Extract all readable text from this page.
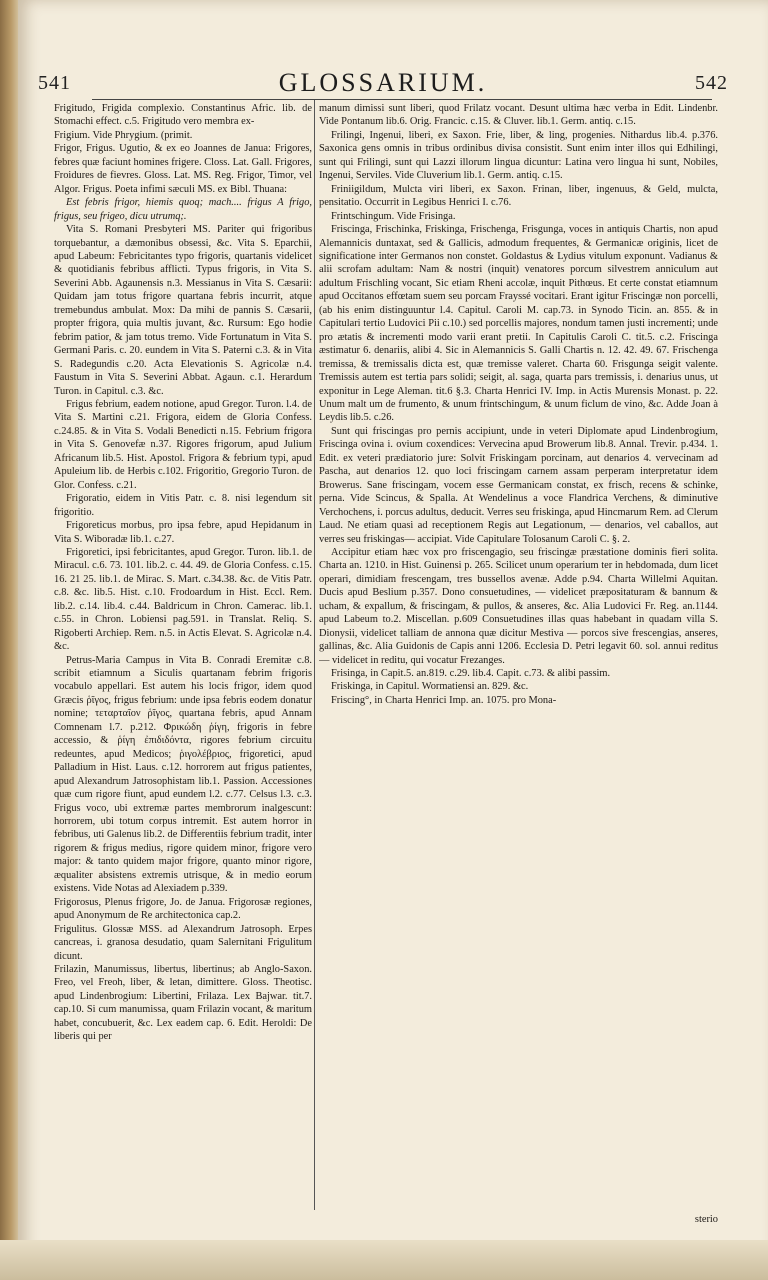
541	GLOSSARIUM.	542

Frigitudo, Frigida complexio. Constantinus Afric. lib. de Stomachi effect. c.5. Frigitudo vero membra ex-

Frigium. Vide Phrygium. (primit.

Frigor, Frigus. Ugutio, & ex eo Joannes de Janua: Frigores, febres quæ faciunt homines frigere. Closs. Lat. Gall. Frigores, Froidures de fievres. Gloss. Lat. MS. Reg. Frigor, Timor, vel Algor. Frigus. Poeta infimi sæculi MS. ex Bibl. Thuana:

Est febris frigor, hiemis quoq; mach.... frigus A frigo, frigus, seu frigeo, dicu utrumq;.

Vita S. Romani Presbyteri MS. Pariter qui frigoribus torquebantur, a dæmonibus obsessi, &c. Vita S. Eparchii, apud Labeum: Febricitantes typo frigoris, quartanis videlicet & quotidianis febribus afflicti. Typus frigoris, in Vita S. Severini Abb. Agaunensis n.3. Messianus in Vita S. Cæsarii: Quidam jam totus frigore quartana febris incurrit, atque tremebundus ambulat. Mox: Da mihi de pannis S. Cæsarii, propter frigora, quia multis juvant, &c. Rursum: Ego hodie febrim patior, & jam totus tremo. Vide Fortunatum in Vita S. Germani Paris. c. 20. eundem in Vita S. Paterni c.3. & in Vita S. Radegundis c.20. Acta Elevationis S. Agricolæ n.4. Faustum in Vita S. Severini Abbat. Agaun. c.1. Herardum Turon. in Capitul. c.3. &c.

Frigus febrium, eadem notione, apud Gregor. Turon. l.4. de Vita S. Martini c.21. Frigora, eidem de Gloria Confess. c.24.85. & in Vita S. Vodali Benedicti n.15. Febrium frigora in Vita S. Genovefæ n.37. Rigores frigorum, apud Julium Africanum lib.5. Hist. Apostol. Frigora & febrium typi, apud Apuleium lib. de Herbis c.102. Frigoritio, Gregorio Turon. de Glor. Confess. c.21.

Frigoratio, eidem in Vitis Patr. c. 8. nisi legendum sit frigoritio.

Frigoreticus morbus, pro ipsa febre, apud Hepidanum in Vita S. Wiboradæ lib.1. c.27.

Frigoretici, ipsi febricitantes, apud Gregor. Turon. lib.1. de Miracul. c.6. 73. 101. lib.2. c. 44. 49. de Gloria Confess. c.15. 16. 21 25. lib.1. de Mirac. S. Mart. c.34.38. &c. de Vitis Patr. c.8. &c. lib.5. Hist. c.10. Frodoardum in Hist. Eccl. Rem. lib.2. c.14. lib.4. c.44. Baldricum in Chron. Camerac. lib.1. c.55. in Chron. Lobiensi pag.591. in Translat. Reliq. S. Rigoberti Archiep. Rem. n.5. in Actis Elevat. S. Agricolæ n.4. &c.

Petrus-Maria Campus in Vita B. Conradi Eremitæ c.8. scribit etiamnum a Siculis quartanam febrim frigoris vocabulo appellari. Est autem his locis frigor, idem quod Græcis ῥῖγος, frigus febrium: unde ipsa febris eodem donatur nomine; τεταρταῖον ῥῖγος, quartana febris, apud Annam Comnenam l.7. p.212. Φρικώδη ῥίγη, frigoris in febre accessio, & ῥίγη ἐπιδιδόντα, rigores febrium circuitu redeuntes, apud Medicos; ῥιγολέβριος, frigoretici, apud Palladium in Hist. Laus. c.12. horrorem aut frigus patientes, apud Alexandrum Jatrosophistam lib.1. Passion. Accessiones quæ cum rigore fiunt, apud eundem l.2. c.77. Celsus l.3. c.3. Frigus voco, ubi extremæ partes membrorum inalgescunt: horrorem, ubi totum corpus intremit. Est autem horror in febribus, uti Galenus lib.2. de Differentiis febrium tradit, inter rigorem & frigus medius, rigore quidem minor, frigore vero major: & tanto quidem major frigore, quanto minor rigore, æqualiter absistens extremis utrisque, & in medio eorum existens. Vide Notas ad Alexiadem p.339.

Frigorosus, Plenus frigore, Jo. de Janua. Frigorosæ regiones, apud Anonymum de Re architectonica cap.2.

Frigulitus. Glossæ MSS. ad Alexandrum Jatrosoph. Erpes cancreas, i. granosa desudatio, quam Salernitani Frigulitum dicunt.

Frilazin, Manumissus, libertus, libertinus; ab Anglo-Saxon. Freo, vel Freoh, liber, & letan, dimittere. Gloss. Theotisc. apud Lindenbrogium: Libertini, Frilaza. Lex Bajwar. tit.7. cap.10. Si cum manumissa, quam Frilazin vocant, & maritum habet, concubuerit, &c. Lex eadem cap. 6. Edit. Heroldi: De liberis qui per

manum dimissi sunt liberi, quod Frilatz vocant. Desunt ultima hæc verba in Edit. Lindenbr. Vide Pontanum lib.6. Orig. Francic. c.15. & Cluver. lib.1. Germ. antiq. c.15.

Frilingi, Ingenui, liberi, ex Saxon. Frie, liber, & ling, progenies. Nithardus lib.4. p.376. Saxonica gens omnis in tribus ordinibus divisa consistit. Sunt enim inter illos qui Edhilingi, sunt qui Frilingi, sunt qui Lazzi illorum lingua dicuntur: Latina vero lingua hi sunt, Nobiles, Ingenui, Serviles. Vide Cluverium lib.1. Germ. antiq. c.15.

Friniigildum, Mulcta viri liberi, ex Saxon. Frinan, liber, ingenuus, & Geld, mulcta, pensitatio. Occurrit in Legibus Henrici I. c.76.

Frintschingum. Vide Frisinga.

Friscinga, Frischinka, Friskinga, Frischenga, Frisgunga, voces in antiquis Chartis, non apud Alemannicis duntaxat, sed & Gallicis, admodum frequentes, & Germanicæ originis, licet de significatione inter Germanos non constet. Goldastus & Lydius vitulum exponunt. Vadianus & alii scrofam adultam: Nam & nostri (inquit) venatores porcum silvestrem anniculum aut adultum Frischling vocant, Sic etiam Rheni accolæ, inquit Pithœus. Et certe constat etiamnum apud Occitanos effœtam suem seu porcam Frayssé vocitari. Erant igitur Friscingæ non porcelli, (ab his enim distinguuntur l.4. Capitul. Caroli M. cap.73. in Synodo Ticin. an. 855. & in Capitulari tertio Ludovici Pii c.10.) sed porcellis majores, nondum tamen justi incrementi; unde pro ætatis & incrementi modo varii erant pretii. In Capitulis Caroli C. tit.5. c.2. Friscinga æstimatur 6. denariis, alibi 4. Sic in Alemannicis S. Galli Chartis n. 12. 42. 49. 67. Frischenga tremissa, & tremissalis dicta est, quæ tremisse valeret. Charta 60. Frisgunga seigit valente. Tremissis autem est tertia pars solidi; seigit, al. saga, quarta pars tremissis, i. denarius unus, ut exponitur in Lege Aleman. tit.6 §.3. Charta Henrici IV. Imp. in Actis Murensis Monast. p. 22. Unum malt um de frumento, & unum frintschingum, & unum ficlum de vino, &c. Adde Joan à Leydis lib.5. c.26.

Sunt qui friscingas pro pernis accipiunt, unde in veteri Diplomate apud Lindenbrogium, Friscinga ovina i. ovium coxendices: Vervecina apud Browerum lib.8. Annal. Trevir. p.434. 1. Edit. ex veteri prædiatorio jure: Solvit Friskingam porcinam, aut denarios 4. vervecinam ad Pascha, aut denarios 12. quo loci friscingam carnem assam perperam interpretatur idem Browerus. Sane friscingam, vocem esse Germanicam constat, ex frisch, recens & schinke, perna. Vide Scincus, & Spalla. At Wendelinus a voce Flandrica Verchens, & diminutive Verchochens, i. porcus adultus, deducit. Verres seu friskinga, apud Hincmarum Rem. ad Clerum Laud. Ne etiam quasi ad receptionem Regis aut Legationum, — denarios, vel caballos, aut verres seu friskingas— accipiat. Vide Capitulare Tolosanum Caroli C. §. 2.

Accipitur etiam hæc vox pro friscengagio, seu friscingæ præstatione dominis fieri solita. Charta an. 1210. in Hist. Guinensi p. 265. Scilicet unum operarium ter in hebdomada, dum licet operari, dimidiam frescengam, tres bussellos avenæ. Adde p.94. Charta Willelmi Aquitan. Ducis apud Beslium p.357. Dono consuetudines, — videlicet præpositaturam & bannum & ucham, & expallum, & friscingam, & pullos, & anseres, &c. Alia Ludovici Fr. Reg. an.1144. apud Labeum to.2. Miscellan. p.609 Consuetudines illas quas habebant in quadam villa S. Dionysii, videlicet talliam de annona quæ dicitur Mestiva — porcos sive frescengias, anseres, gallinas, &c. Alia Guidonis de Capis anni 1206. Ecclesia D. Petri legavit 60. sol. annui reditus — videlicet in reditu, qui vocatur Frezanges.

Frisinga, in Capit.5. an.819. c.29. lib.4. Capit. c.73. & alibi passim.

Friskinga, in Capitul. Wormatiensi an. 829. &c.

Friscing°, in Charta Henrici Imp. an. 1075. pro Mona-

sterio
